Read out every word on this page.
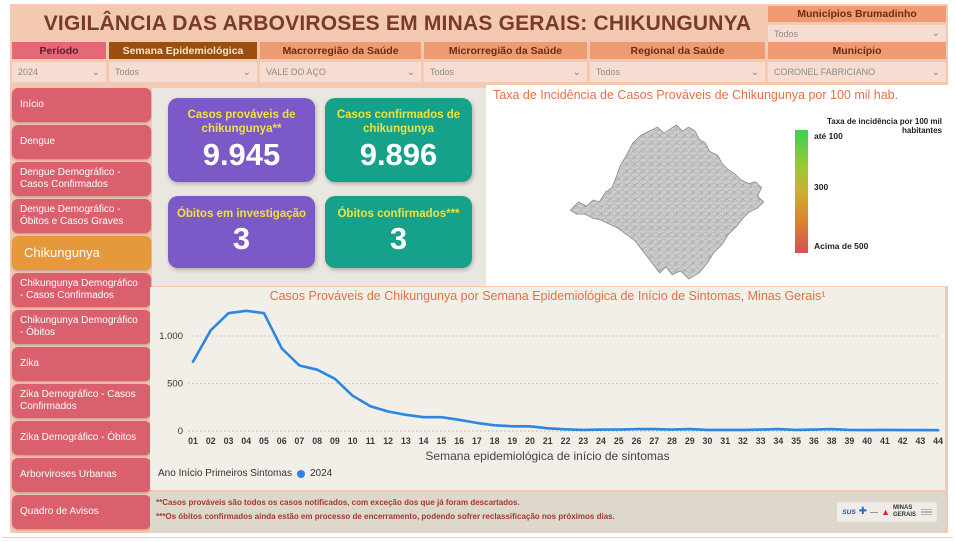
VIGILÂNCIA DAS ARBOVIROSES EM MINAS GERAIS: CHIKUNGUNYA	Municípios Brumadinho
Todos	⌄
Período
2024	⌄
Semana Epidemiológica
Todos	⌄
Macrorregião da Saúde
VALE DO AÇO	⌄
Microrregião da Saúde
Todos	⌄
Regional da Saúde
Todos	⌄
Município
CORONEL FABRICIANO	⌄
Início
Dengue
Dengue Demográfico - Casos Confirmados
Dengue Demográfico - Óbitos e Casos Graves
Chikungunya
Chikungunya Demográfico - Casos Confirmados
Chikungunya Demográfico - Óbitos
Zika
Zika Demográfico - Casos Confirmados
Zika Demográfico - Óbitos
Arborviroses Urbanas
Quadro de Avisos
Casos prováveis de chikungunya**
9.945
Casos confirmados de chikungunya
9.896
Óbitos em investigação
3
Óbitos confirmados***
3
Taxa de Incidência de Casos Prováveis de Chikungunya por 100 mil hab.
Taxa de incidência por 100 mil habitantes
até 100
300
Acima de 500
0
500
1.000
01 02 03 04 05 06 07 08 09 10 11 12 13 14 15 16 17 18 19 20 21 22 23 24 25 26 27 28 29 30 31 32 33 34 35 36 38 39 40 41 42 43 44
Casos Prováveis de Chikungunya por Semana Epidemiológica de Início de Sintomas, Minas Gerais¹
Semana epidemiológica de início de sintomas
Ano Início Primeiros Sintomas 2024
**Casos prováveis são todos os casos notificados, com exceção dos que já foram descartados.
***Os óbitos confirmados ainda estão em processo de encerramento, podendo sofrer reclassificação nos próximos dias.	SUS ✚ ▲ MINAS
GERAIS
